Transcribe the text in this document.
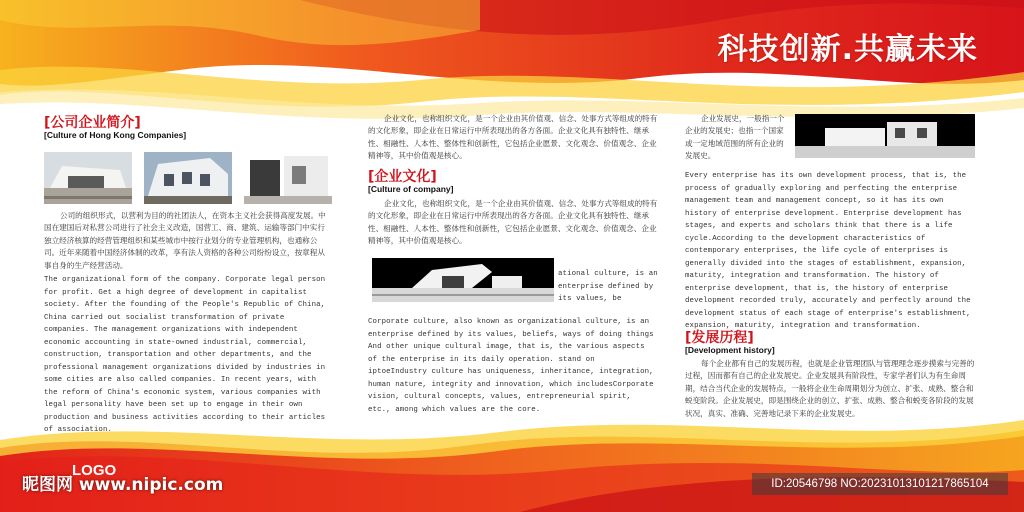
科技创新.共赢未来
[公司企业简介]
[Culture of Hong Kong Companies]
公司的组织形式，以营利为目的的社团法人，在资本主义社会获得高度发展。中国在建国后对私营公司进行了社会主义改造，国营工、商、建筑、运输等部门中实行独立经济核算的经营管理组织和某些城市中按行业划分的专业管理机构，也通称公司。近年来随着中国经济体制的改革，享有法人资格的各种公司纷纷设立，按章程从事自身的生产经营活动。
The organizational form of the company. Corporate legal person for profit. Get a high degree of development in capitalist society. After the founding of the People's Republic of China, China carried out socialist transformation of private companies. The management organizations with independent economic accounting in state-owned industrial, commercial, construction, transportation and other departments, and the professional management organizations divided by industries in some cities are also called companies. In recent years, with the reform of China's economic system, various companies with legal personality have been set up to engage in their own production and business activities according to their articles of association.
企业文化，也称组织文化，是一个企业由其价值观、信念、处事方式等组成的特有的文化形象，即企业在日常运行中所表现出的各方各面。企业文化具有独特性、继承性、相融性、人本性、整体性和创新性，它包括企业愿景、文化观念、价值观念、企业精神等，其中价值观是核心。
[企业文化]
[Culture of company]
企业文化，也称组织文化，是一个企业由其价值观、信念、处事方式等组成的特有的文化形象，即企业在日常运行中所表现出的各方各面。企业文化具有独特性、继承性、相融性、人本性、整体性和创新性，它包括企业愿景、文化观念、价值观念、企业精神等，其中价值观是核心。
ational culture, is an enterprise defined by its values, be
Corporate culture, also known as organizational culture, is an enterprise defined by its values, beliefs, ways of doing things And other unique cultural image, that is, the various aspects of the enterprise in its daily operation. stand on iptoeIndustry culture has uniqueness, inheritance, integration, human nature, integrity and innovation, which includesCorporate vision, cultural concepts, values, entrepreneurial spirit, etc., among which values are the core.
企业发展史，一般指一个企业的发展史；也指一个国家或一定地域范围的所有企业的发展史。
Every enterprise has its own development process, that is, the process of gradually exploring and perfecting the enterprise management team and management concept, so it has its own history of enterprise development. Enterprise development has stages, and experts and scholars think that there is a life cycle.According to the development characteristics of contemporary enterprises, the life cycle of enterprises is generally divided into the stages of establishment, expansion, maturity, integration and transformation. The history of enterprise development, that is, the history of enterprise development recorded truly, accurately and perfectly around the development status of each stage of enterprise's establishment, expansion, maturity, integration and transformation.
[发展历程]
[Development history]
每个企业都有自己的发展历程，也就是企业管理团队与管理理念逐步摸索与完善的过程，因而都有自己的企业发展史。企业发展具有阶段性，专家学者们认为有生命周期，结合当代企业的发展特点，一般将企业生命周期划分为创立、扩张、成熟、整合和蜕变阶段。企业发展史，即是围绕企业的创立、扩张、成熟、整合和蜕变各阶段的发展状况，真实、准确、完善地记录下来的企业发展史。
LOGO
昵图网 www.nipic.com	ID:20546798 NO:20231013101217865104
